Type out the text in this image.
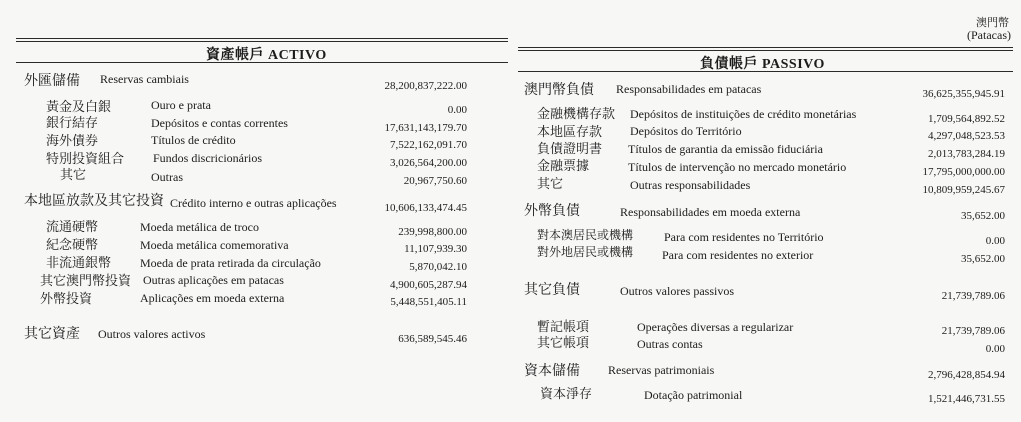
澳門幣
(Patacas)
資產帳戶 ACTIVO
負債帳戶 PASSIVO
外匯儲備 Reservas cambiais	28,200,837,222.00
黃金及白銀	Ouro e prata	0.00
銀行結存	Depósitos e contas correntes	17,631,143,179.70
海外債券	Títulos de crédito	7,522,162,091.70
特別投資組合 Fundos discricionários	3,026,564,200.00
其它	Outras	20,967,750.60
本地區放款及其它投資 Crédito interno e outras aplicações	10,606,133,474.45
流通硬幣	Moeda metálica de troco	239,998,800.00
紀念硬幣	Moeda metálica comemorativa	11,107,939.30
非流通銀幣 Moeda de prata retirada da circulação	5,870,042.10
其它澳門幣投資 Outras aplicações em patacas	4,900,605,287.94
外幣投資	Aplicações em moeda externa	5,448,551,405.11
其它資產 Outros valores activos	636,589,545.46
澳門幣負債 Responsabilidades em patacas	36,625,355,945.91
金融機構存款 Depósitos de instituições de crédito monetárias	1,709,564,892.52
本地區存款 Depósitos do Território	4,297,048,523.53
負債證明書 Títulos de garantia da emissão fiduciária	2,013,783,284.19
金融票據	Títulos de intervenção no mercado monetário	17,795,000,000.00
其它	Outras responsabilidades	10,809,959,245.67
外幣負債	Responsabilidades em moeda externa	35,652.00
對本澳居民或機構	Para com residentes no Território	0.00
對外地居民或機構 Para com residentes no exterior	35,652.00
其它負債	Outros valores passivos	21,739,789.06
暫記帳項	Operações diversas a regularizar	21,739,789.06
其它帳項	Outras contas	0.00
資本儲備 Reservas patrimoniais	2,796,428,854.94
資本淨存	Dotação patrimonial	1,521,446,731.55
